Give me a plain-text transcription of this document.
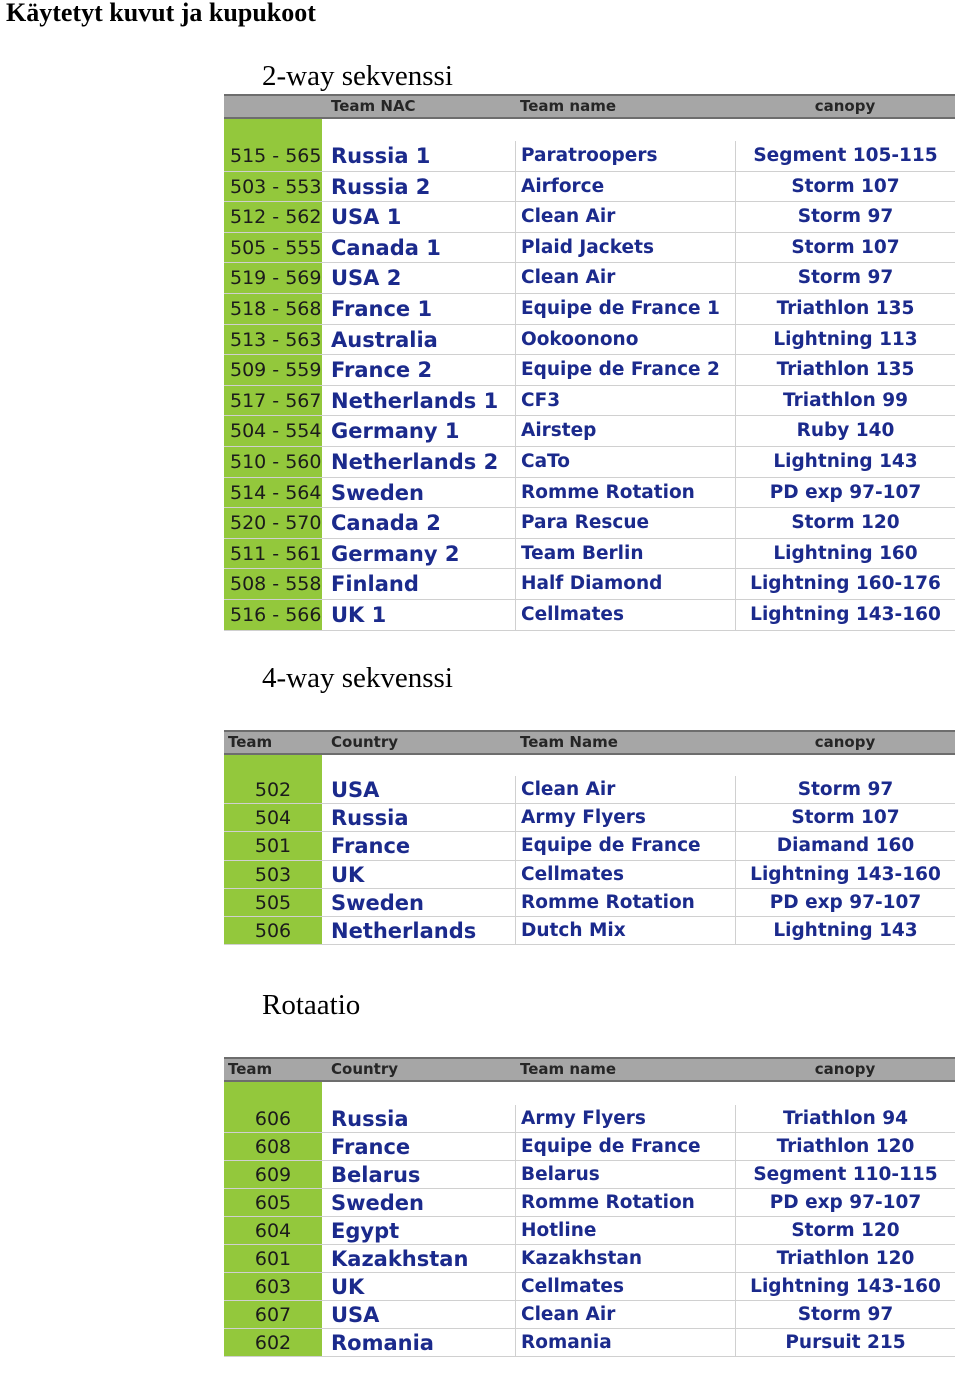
Käytetyt kuvut ja kupukoot
2-way sekvenssi
Team NAC	Team name	canopy
515 - 565 Russia 1	Paratroopers	Segment 105-115
503 - 553 Russia 2	Airforce	Storm 107
512 - 562 USA 1	Clean Air	Storm 97
505 - 555 Canada 1	Plaid Jackets	Storm 107
519 - 569 USA 2	Clean Air	Storm 97
518 - 568 France 1	Equipe de France 1	Triathlon 135
513 - 563 Australia	Ookoonono	Lightning 113
509 - 559 France 2	Equipe de France 2	Triathlon 135
517 - 567 Netherlands 1	CF3	Triathlon 99
504 - 554 Germany 1	Airstep	Ruby 140
510 - 560 Netherlands 2	CaTo	Lightning 143
514 - 564 Sweden	Romme Rotation	PD exp 97-107
520 - 570 Canada 2	Para Rescue	Storm 120
511 - 561 Germany 2	Team Berlin	Lightning 160
508 - 558 Finland	Half Diamond	Lightning 160-176
516 - 566 UK 1	Cellmates	Lightning 143-160
4-way sekvenssi
Team	Country	Team Name	canopy
502	USA	Clean Air	Storm 97
504	Russia	Army Flyers	Storm 107
501	France	Equipe de France	Diamand 160
503	UK	Cellmates	Lightning 143-160
505	Sweden	Romme Rotation	PD exp 97-107
506	Netherlands	Dutch Mix	Lightning 143
Rotaatio
Team	Country	Team name	canopy
606	Russia	Army Flyers	Triathlon 94
608	France	Equipe de France	Triathlon 120
609	Belarus	Belarus	Segment 110-115
605	Sweden	Romme Rotation	PD exp 97-107
604	Egypt	Hotline	Storm 120
601	Kazakhstan	Kazakhstan	Triathlon 120
603	UK	Cellmates	Lightning 143-160
607	USA	Clean Air	Storm 97
602	Romania	Romania	Pursuit 215
